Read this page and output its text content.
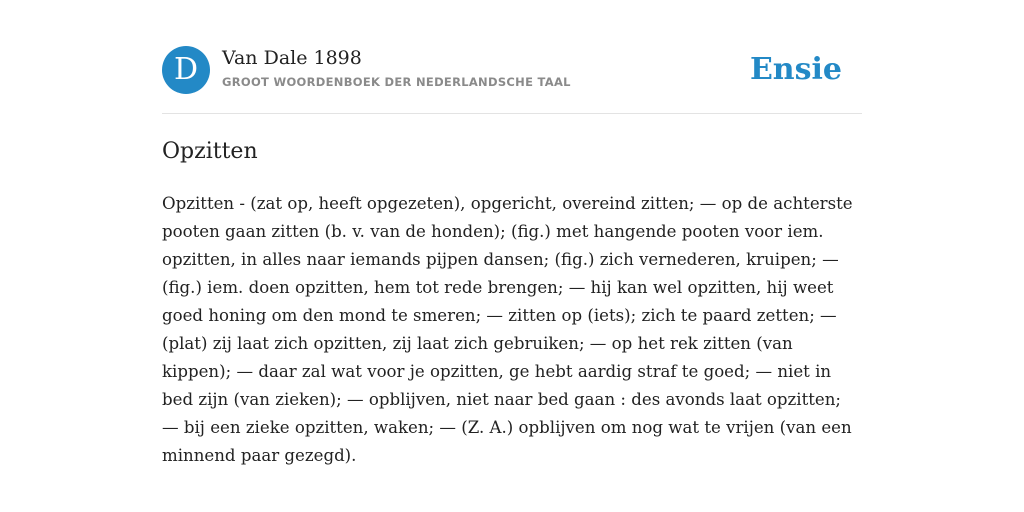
D	Van Dale 1898
GROOT WOORDENBOEK DER NEDERLANDSCHE TAAL	Ensie
Opzitten

Opzitten - (zat op, heeft opgezeten), opgericht, overeind zitten; — op de achterste pooten gaan zitten (b. v. van de honden); (fig.) met hangende pooten voor iem. opzitten, in alles naar iemands pijpen dansen; (fig.) zich vernederen, kruipen; — (fig.) iem. doen opzitten, hem tot rede brengen; — hij kan wel opzitten, hij weet goed honing om den mond te smeren; — zitten op (iets); zich te paard zetten; — (plat) zij laat zich opzitten, zij laat zich gebruiken; — op het rek zitten (van kippen); — daar zal wat voor je opzitten, ge hebt aardig straf te goed; — niet in bed zijn (van zieken); — opblijven, niet naar bed gaan : des avonds laat opzitten; — bij een zieke opzitten, waken; — (Z. A.) opblijven om nog wat te vrijen (van een minnend paar gezegd).
